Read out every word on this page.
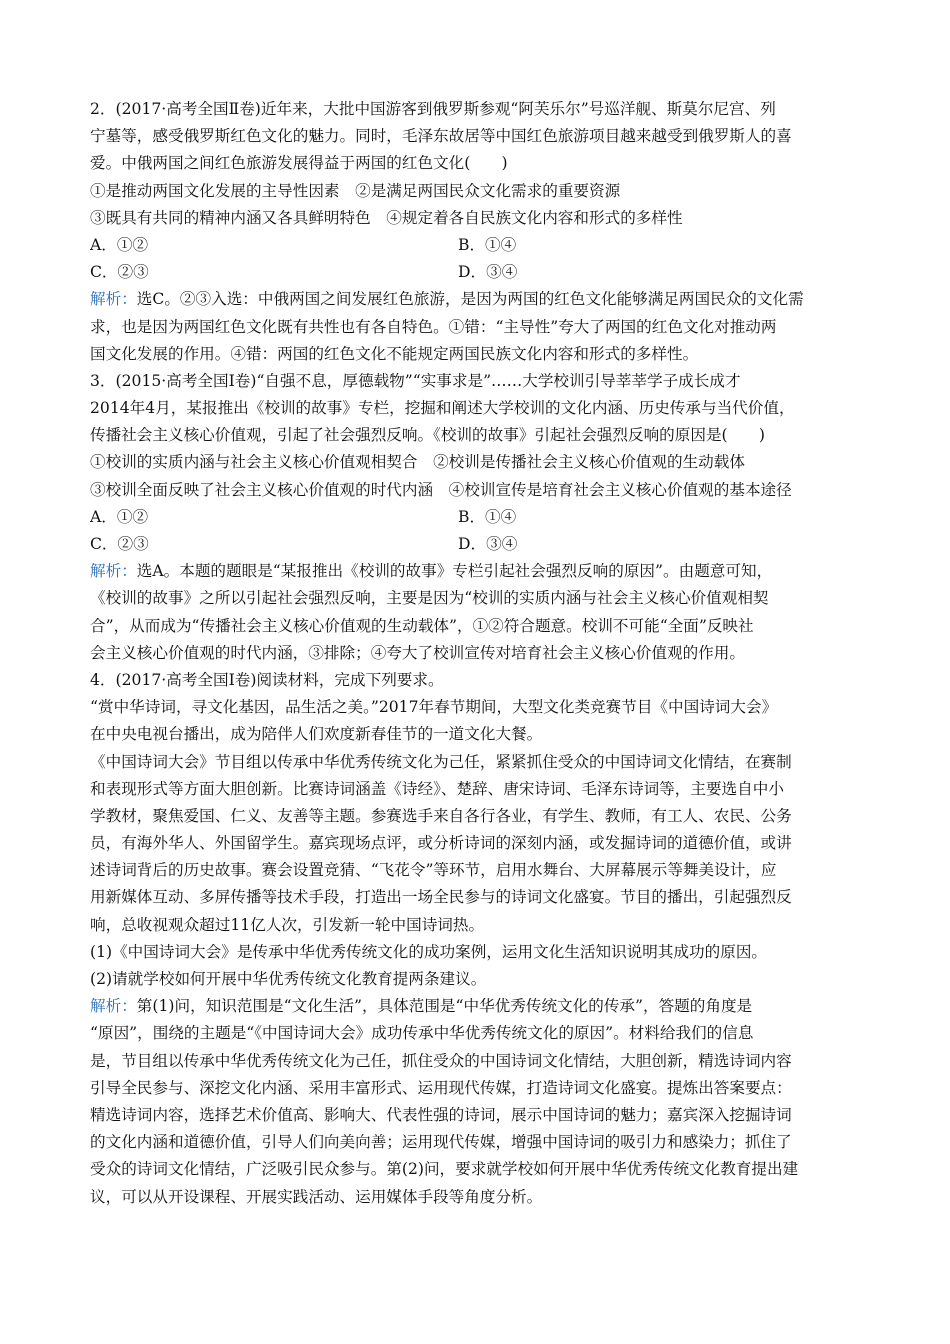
2．(2017·高考全国Ⅱ卷)近年来，大批中国游客到俄罗斯参观“阿芙乐尔”号巡洋舰、斯莫尔尼宫、列
宁墓等，感受俄罗斯红色文化的魅力。同时，毛泽东故居等中国红色旅游项目越来越受到俄罗斯人的喜
爱。中俄两国之间红色旅游发展得益于两国的红色文化(　　)
①是推动两国文化发展的主导性因素　②是满足两国民众文化需求的重要资源
③既具有共同的精神内涵又各具鲜明特色　④规定着各自民族文化内容和形式的多样性
A．①②	B．①④
C．②③	D．③④
解析：选C。②③入选：中俄两国之间发展红色旅游，是因为两国的红色文化能够满足两国民众的文化需
求，也是因为两国红色文化既有共性也有各自特色。①错：“主导性”夸大了两国的红色文化对推动两
国文化发展的作用。④错：两国的红色文化不能规定两国民族文化内容和形式的多样性。
3．(2015·高考全国Ⅰ卷)“自强不息，厚德载物”“实事求是”……大学校训引导莘莘学子成长成才
2014年4月，某报推出《校训的故事》专栏，挖掘和阐述大学校训的文化内涵、历史传承与当代价值，
传播社会主义核心价值观，引起了社会强烈反响。《校训的故事》引起社会强烈反响的原因是(　　)
①校训的实质内涵与社会主义核心价值观相契合　②校训是传播社会主义核心价值观的生动载体
③校训全面反映了社会主义核心价值观的时代内涵　④校训宣传是培育社会主义核心价值观的基本途径
A．①②	B．①④
C．②③	D．③④
解析：选A。本题的题眼是“某报推出《校训的故事》专栏引起社会强烈反响的原因”。由题意可知，
《校训的故事》之所以引起社会强烈反响，主要是因为“校训的实质内涵与社会主义核心价值观相契
合”，从而成为“传播社会主义核心价值观的生动载体”，①②符合题意。校训不可能“全面”反映社
会主义核心价值观的时代内涵，③排除；④夸大了校训宣传对培育社会主义核心价值观的作用。
4．(2017·高考全国Ⅰ卷)阅读材料，完成下列要求。
“赏中华诗词，寻文化基因，品生活之美。”2017年春节期间，大型文化类竞赛节目《中国诗词大会》
在中央电视台播出，成为陪伴人们欢度新春佳节的一道文化大餐。
《中国诗词大会》节目组以传承中华优秀传统文化为己任，紧紧抓住受众的中国诗词文化情结，在赛制
和表现形式等方面大胆创新。比赛诗词涵盖《诗经》、楚辞、唐宋诗词、毛泽东诗词等，主要选自中小
学教材，聚焦爱国、仁义、友善等主题。参赛选手来自各行各业，有学生、教师，有工人、农民、公务
员，有海外华人、外国留学生。嘉宾现场点评，或分析诗词的深刻内涵，或发掘诗词的道德价值，或讲
述诗词背后的历史故事。赛会设置竞猜、“飞花令”等环节，启用水舞台、大屏幕展示等舞美设计，应
用新媒体互动、多屏传播等技术手段，打造出一场全民参与的诗词文化盛宴。节目的播出，引起强烈反
响，总收视观众超过11亿人次，引发新一轮中国诗词热。
(1)《中国诗词大会》是传承中华优秀传统文化的成功案例，运用文化生活知识说明其成功的原因。
(2)请就学校如何开展中华优秀传统文化教育提两条建议。
解析：第(1)问，知识范围是“文化生活”，具体范围是“中华优秀传统文化的传承”，答题的角度是
“原因”，围绕的主题是“《中国诗词大会》成功传承中华优秀传统文化的原因”。材料给我们的信息
是，节目组以传承中华优秀传统文化为己任，抓住受众的中国诗词文化情结，大胆创新，精选诗词内容
引导全民参与、深挖文化内涵、采用丰富形式、运用现代传媒，打造诗词文化盛宴。提炼出答案要点：
精选诗词内容，选择艺术价值高、影响大、代表性强的诗词，展示中国诗词的魅力；嘉宾深入挖掘诗词
的文化内涵和道德价值，引导人们向美向善；运用现代传媒，增强中国诗词的吸引力和感染力；抓住了
受众的诗词文化情结，广泛吸引民众参与。第(2)问，要求就学校如何开展中华优秀传统文化教育提出建
议，可以从开设课程、开展实践活动、运用媒体手段等角度分析。
